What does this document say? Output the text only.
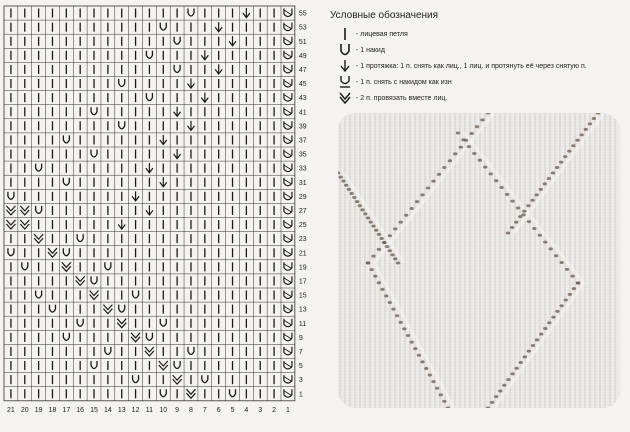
55
53
51
49
47
45
43
41
39
37
35
33
31
29
27
25
23
21
19
17
15
13
11
9
7
5
3
1
21 20 19 18 17 16 15 14 13 12 11 10 9 8 7 6 5 4 3 2 1
Условные обозначения
- лицевая петля
- 1 накид
- 1 протяжка: 1 п. снять как лиц., 1 лиц. и протянуть её через снятую п.
- 1 п. снять с накидом как изн
- 2 п. провязать вместе лиц.
